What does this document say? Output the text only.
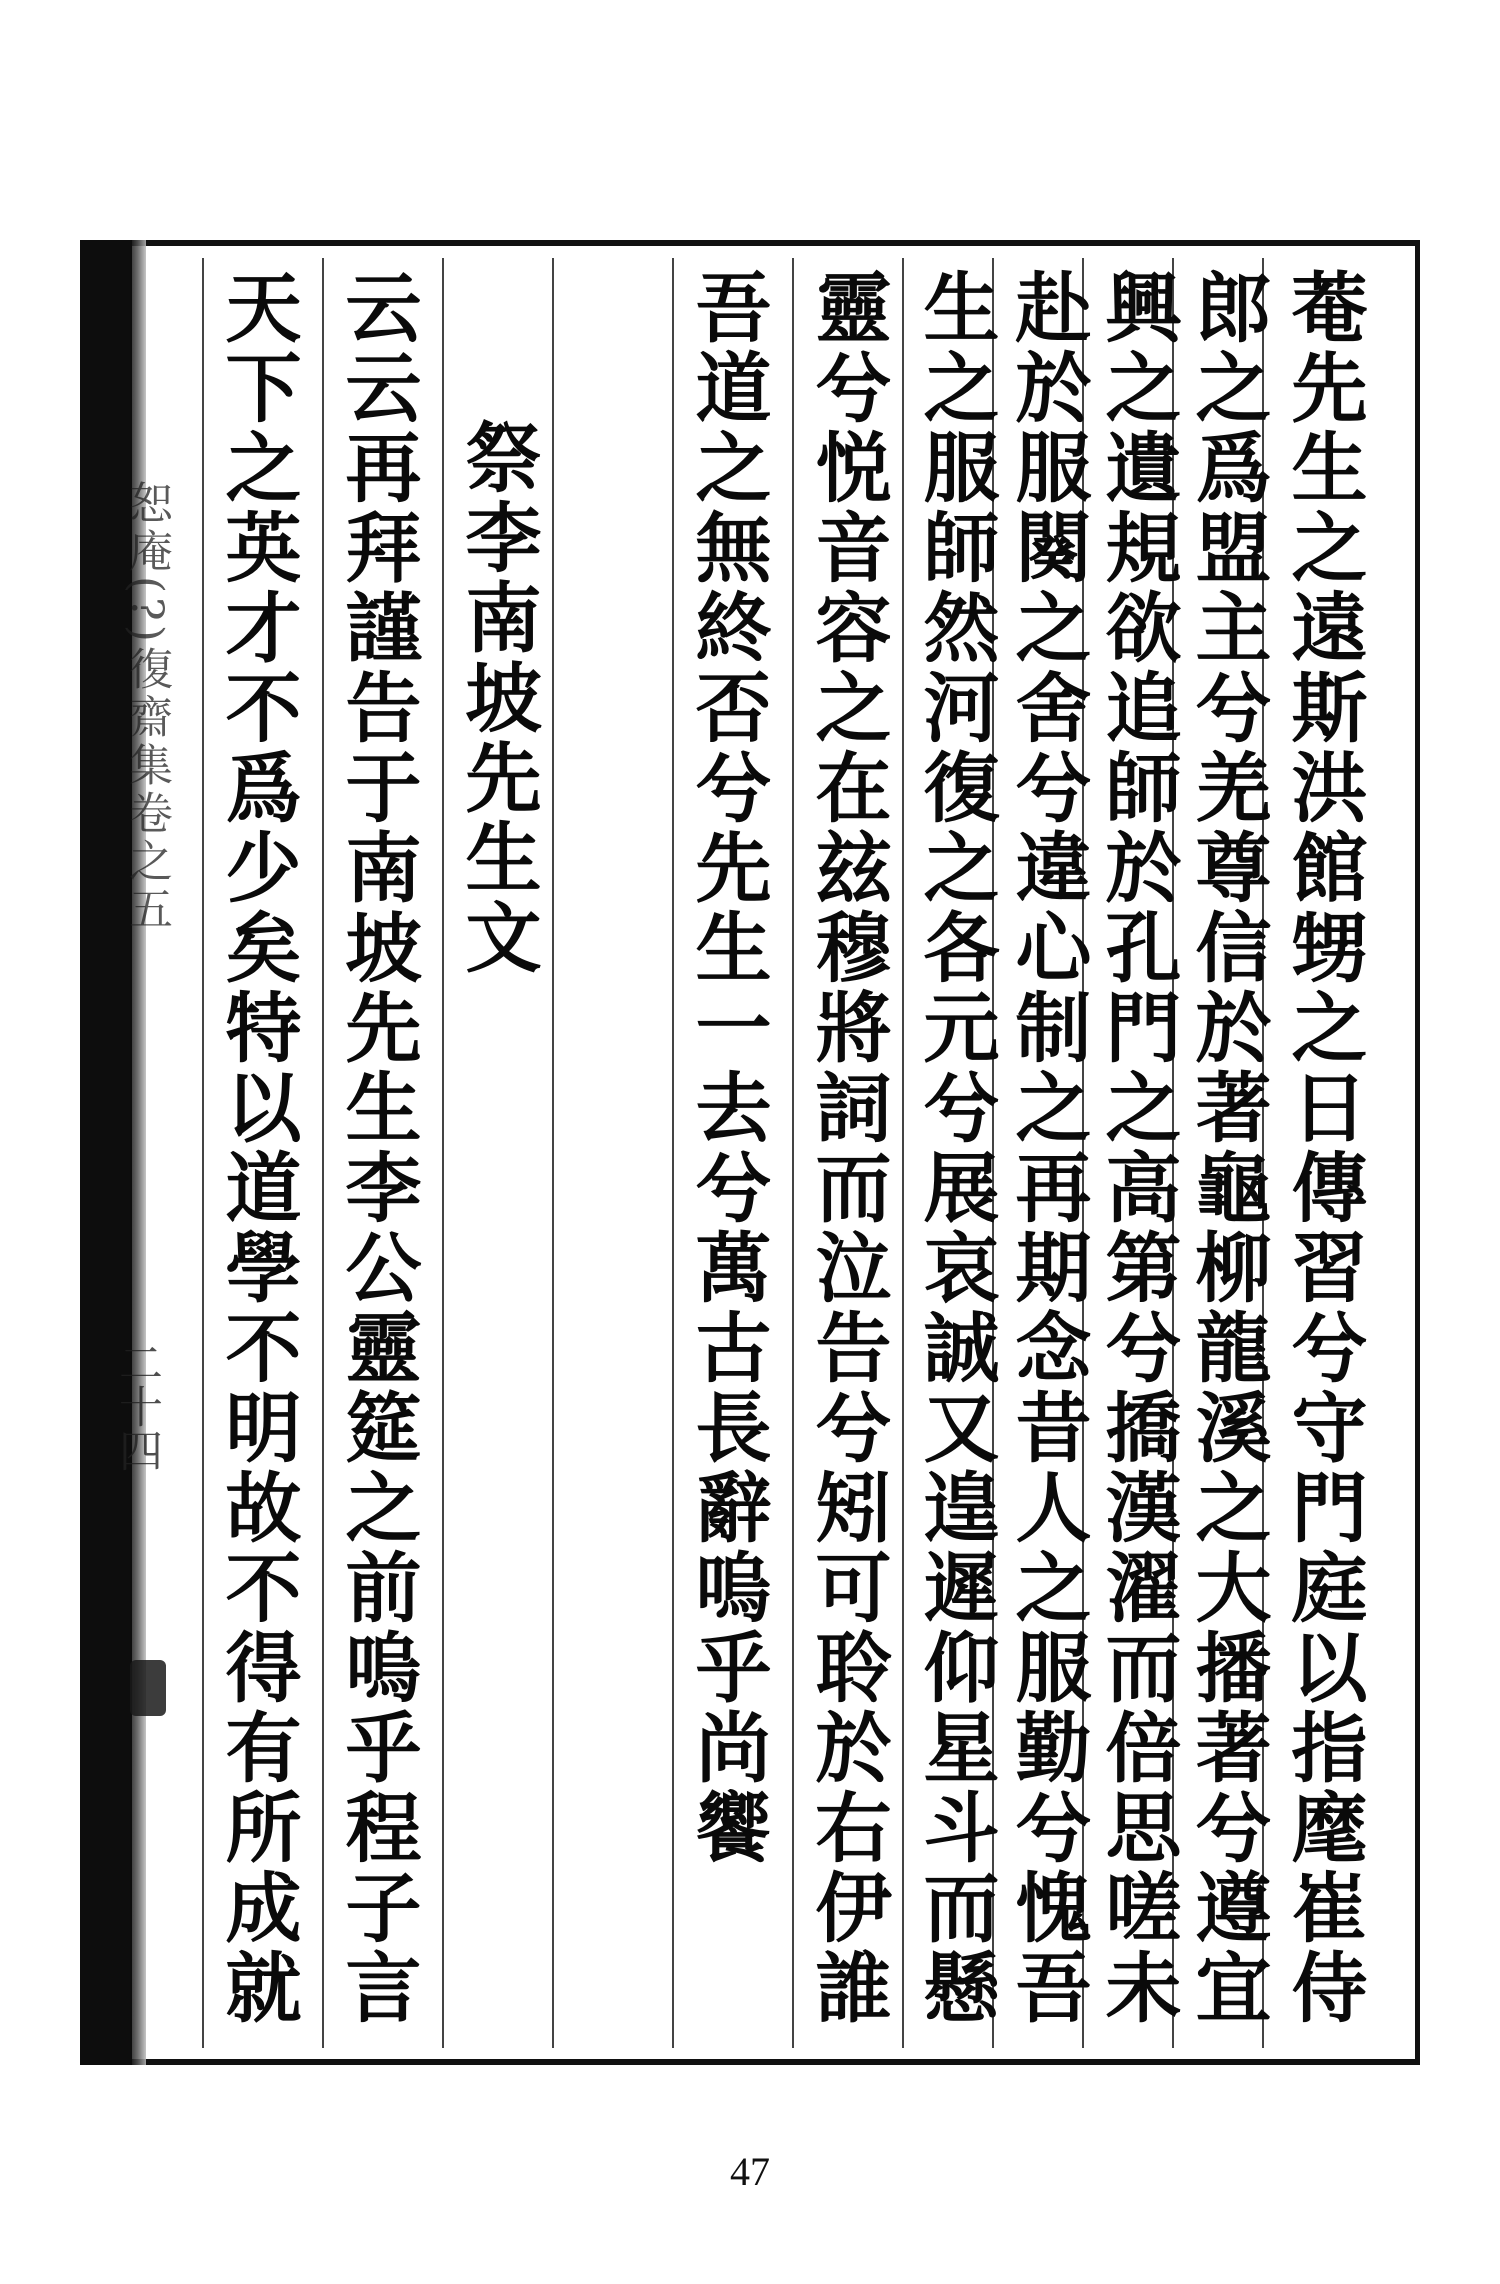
恕庵(?)復齋集卷之五
二十四	菴先生之遠斯洪館甥之日傳習兮守門庭以指麾崔侍
郎之爲盟主兮羌尊信於著龜柳龍溪之大播著兮遵宜
興之遺規欲追師於孔門之高第兮撟漢濯而倍思嗟未
赴於服闋之舍兮違心制之再期念昔人之服勤兮愧吾
生之服師然河復之各元兮展哀誠又遑遲仰星斗而懸
靈兮悦音容之在玆穆將詞而泣告兮矧可聆於右伊誰
吾道之無終否兮先生一去兮萬古長辭嗚乎尚饗
祭李南坡先生文
云云再拜謹告于南坡先生李公靈筵之前嗚乎程子言
天下之英才不爲少矣特以道學不明故不得有所成就
47
